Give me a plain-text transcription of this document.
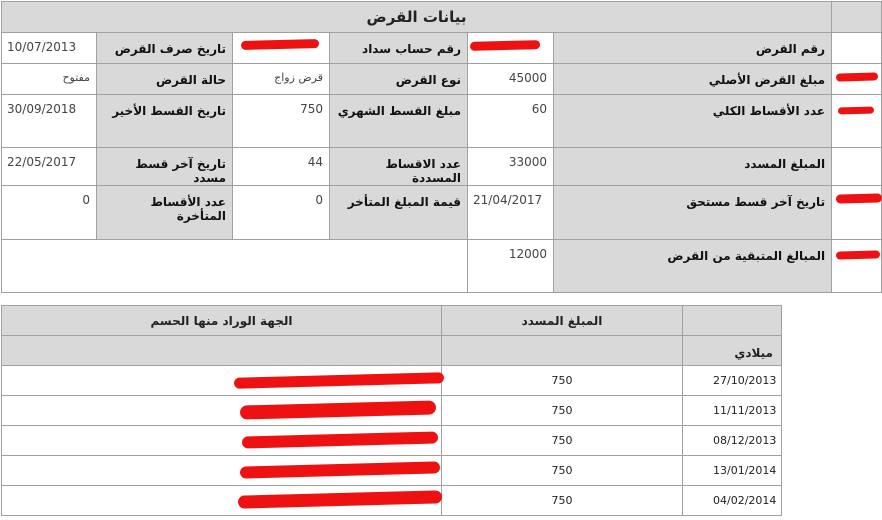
بيانات القرض						
10/07/2013	تاريخ صرف القرض		رقم حساب سداد		رقم القرض	
مفتوح	حالة القرض	قرض زواج	نوع القرض	45000	مبلغ القرض الأصلي	

30/09/2018	تاريخ القسط الأخير	750	مبلغ القسط الشهري	60	عدد الأقساط الكلي	

22/05/2017	تاريخ آخر قسط مسدد	44	عدد الاقساط المسددة	33000	المبلغ المسدد	
0	عدد الأقساط المتأخرة	0	قيمة المبلغ المتأخر	21/04/2017	تاريخ آخر قسط مستحق	

				12000	المبالغ المتبقية من القرض	
الجهة الوراد منها الحسم	المبلغ المسدد	
		ميلادي

	750	27/10/2013

	750	11/11/2013

	750	08/12/2013

	750	13/01/2014

	750	04/02/2014
